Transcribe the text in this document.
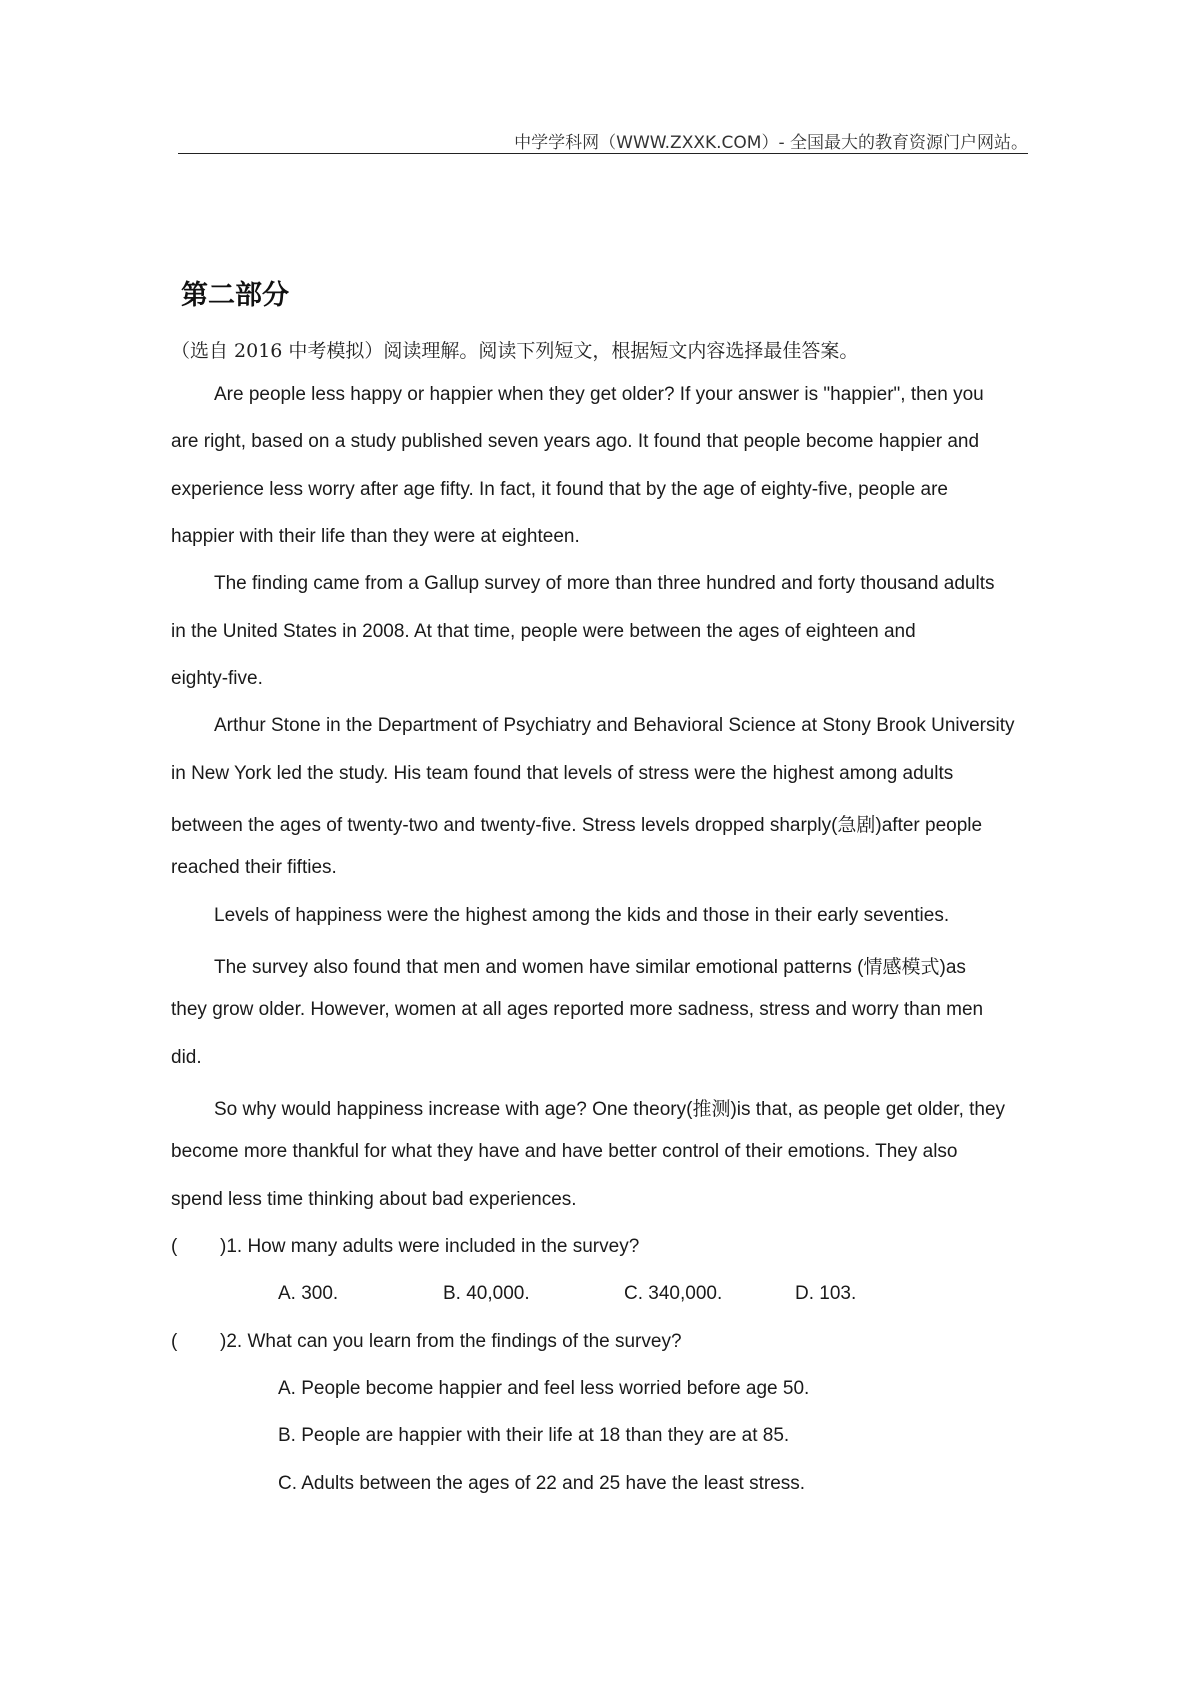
中学学科网（WWW.ZXXK.COM）- 全国最大的教育资源门户网站。
第二部分
（选自 2016 中考模拟）阅读理解。阅读下列短文，根据短文内容选择最佳答案。
Are people less happy or happier when they get older? If your answer is "happier", then you
are right, based on a study published seven years ago. It found that people become happier and
experience less worry after age fifty. In fact, it found that by the age of eighty-five, people are
happier with their life than they were at eighteen.
The finding came from a Gallup survey of more than three hundred and forty thousand adults
in the United States in 2008. At that time, people were between the ages of eighteen and
eighty-five.
Arthur Stone in the Department of Psychiatry and Behavioral Science at Stony Brook University
in New York led the study. His team found that levels of stress were the highest among adults
between the ages of twenty-two and twenty-five. Stress levels dropped sharply(急剧)after people
reached their fifties.
Levels of happiness were the highest among the kids and those in their early seventies.
The survey also found that men and women have similar emotional patterns (情感模式)as
they grow older. However, women at all ages reported more sadness, stress and worry than men
did.
So why would happiness increase with age? One theory(推测)is that, as people get older, they
become more thankful for what they have and have better control of their emotions. They also
spend less time thinking about bad experiences.
( )1. How many adults were included in the survey?
A. 300.	B. 40,000.	C. 340,000.	D. 103.
( )2. What can you learn from the findings of the survey?
A. People become happier and feel less worried before age 50.
B. People are happier with their life at 18 than they are at 85.
C. Adults between the ages of 22 and 25 have the least stress.
